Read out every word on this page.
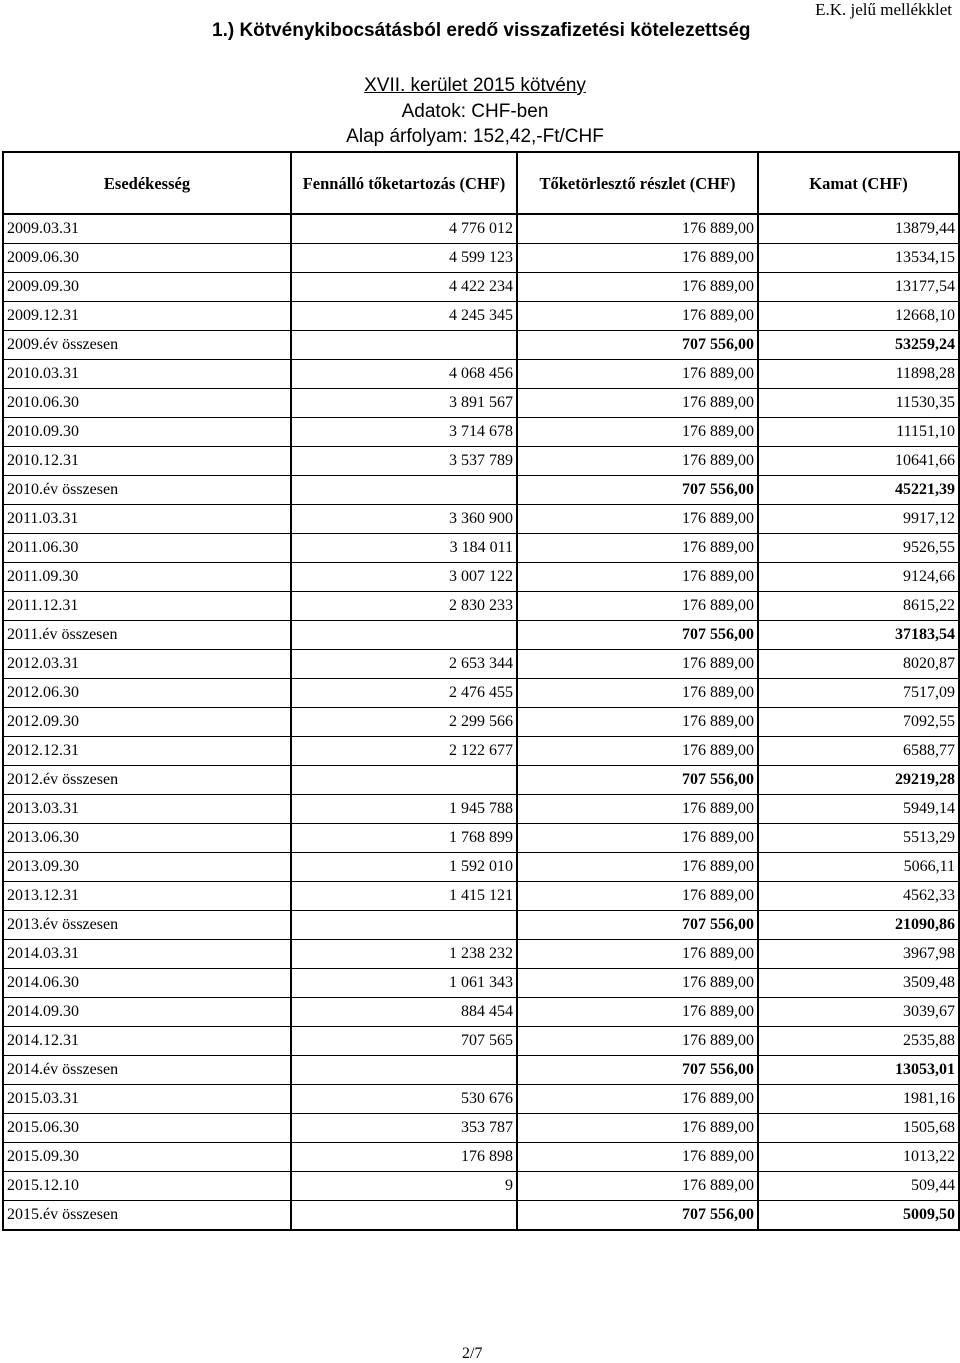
1.) Kötvénykibocsátásból eredő visszafizetési kötelezettség
E.K. jelű mellékklet
XVII. kerület 2015 kötvény
Adatok: CHF-ben
Alap árfolyam: 152,42,-Ft/CHF
Esedékesség	Fennálló tőketartozás (CHF)	Tőketörlesztő részlet (CHF)	Kamat (CHF)
2009.03.31	4 776 012	176 889,00	13879,44
2009.06.30	4 599 123	176 889,00	13534,15
2009.09.30	4 422 234	176 889,00	13177,54
2009.12.31	4 245 345	176 889,00	12668,10
2009.év összesen		707 556,00	53259,24
2010.03.31	4 068 456	176 889,00	11898,28
2010.06.30	3 891 567	176 889,00	11530,35
2010.09.30	3 714 678	176 889,00	11151,10
2010.12.31	3 537 789	176 889,00	10641,66
2010.év összesen		707 556,00	45221,39
2011.03.31	3 360 900	176 889,00	9917,12
2011.06.30	3 184 011	176 889,00	9526,55
2011.09.30	3 007 122	176 889,00	9124,66
2011.12.31	2 830 233	176 889,00	8615,22
2011.év összesen		707 556,00	37183,54
2012.03.31	2 653 344	176 889,00	8020,87
2012.06.30	2 476 455	176 889,00	7517,09
2012.09.30	2 299 566	176 889,00	7092,55
2012.12.31	2 122 677	176 889,00	6588,77
2012.év összesen		707 556,00	29219,28
2013.03.31	1 945 788	176 889,00	5949,14
2013.06.30	1 768 899	176 889,00	5513,29
2013.09.30	1 592 010	176 889,00	5066,11
2013.12.31	1 415 121	176 889,00	4562,33
2013.év összesen		707 556,00	21090,86
2014.03.31	1 238 232	176 889,00	3967,98
2014.06.30	1 061 343	176 889,00	3509,48
2014.09.30	884 454	176 889,00	3039,67
2014.12.31	707 565	176 889,00	2535,88
2014.év összesen		707 556,00	13053,01
2015.03.31	530 676	176 889,00	1981,16
2015.06.30	353 787	176 889,00	1505,68
2015.09.30	176 898	176 889,00	1013,22
2015.12.10	9	176 889,00	509,44
2015.év összesen		707 556,00	5009,50
2/7
